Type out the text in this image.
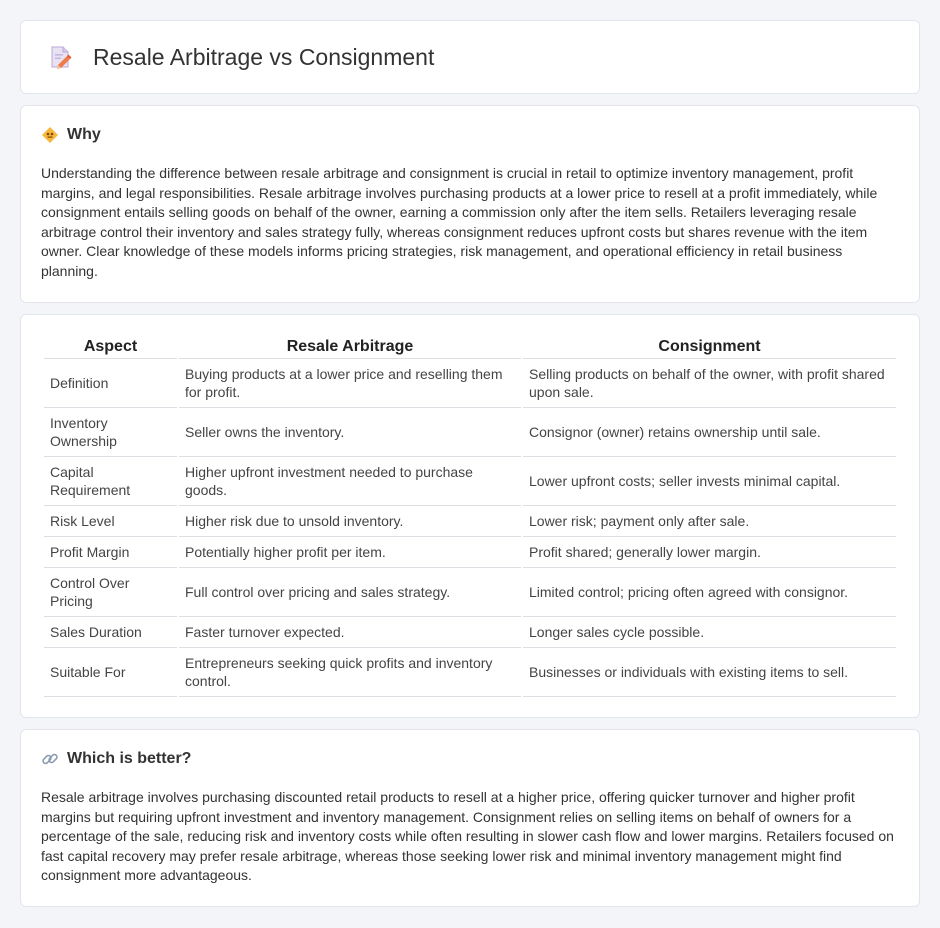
Resale Arbitrage vs Consignment
Why

Understanding the difference between resale arbitrage and consignment is crucial in retail to optimize inventory management, profit margins, and legal responsibilities. Resale arbitrage involves purchasing products at a lower price to resell at a profit immediately, while consignment entails selling goods on behalf of the owner, earning a commission only after the item sells. Retailers leveraging resale arbitrage control their inventory and sales strategy fully, whereas consignment reduces upfront costs but shares revenue with the item owner. Clear knowledge of these models informs pricing strategies, risk management, and operational efficiency in retail business planning.

Aspect	Resale Arbitrage	Consignment
Definition	Buying products at a lower price and reselling them for profit.	Selling products on behalf of the owner, with profit shared upon sale.
Inventory Ownership	Seller owns the inventory.	Consignor (owner) retains ownership until sale.
Capital Requirement	Higher upfront investment needed to purchase goods.	Lower upfront costs; seller invests minimal capital.
Risk Level	Higher risk due to unsold inventory.	Lower risk; payment only after sale.
Profit Margin	Potentially higher profit per item.	Profit shared; generally lower margin.
Control Over Pricing	Full control over pricing and sales strategy.	Limited control; pricing often agreed with consignor.
Sales Duration	Faster turnover expected.	Longer sales cycle possible.
Suitable For	Entrepreneurs seeking quick profits and inventory control.	Businesses or individuals with existing items to sell.
Which is better?

Resale arbitrage involves purchasing discounted retail products to resell at a higher price, offering quicker turnover and higher profit margins but requiring upfront investment and inventory management. Consignment relies on selling items on behalf of owners for a percentage of the sale, reducing risk and inventory costs while often resulting in slower cash flow and lower margins. Retailers focused on fast capital recovery may prefer resale arbitrage, whereas those seeking lower risk and minimal inventory management might find consignment more advantageous.
